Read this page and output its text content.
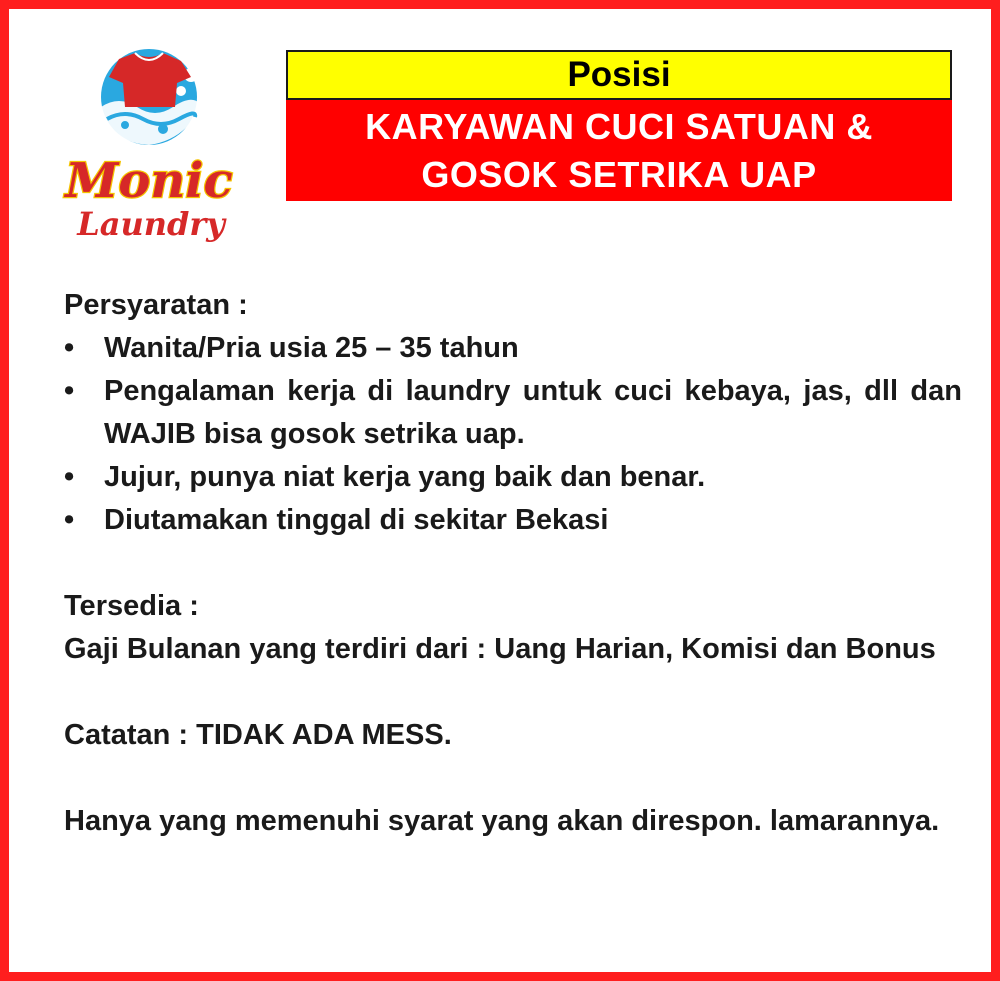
Monic
Laundry
Posisi
KARYAWAN CUCI SATUAN &
GOSOK SETRIKA UAP
Persyaratan :
• Wanita/Pria usia 25 – 35 tahun
• Pengalaman kerja di laundry untuk cuci kebaya, jas, dll dan WAJIB bisa gosok setrika uap.
• Jujur, punya niat kerja yang baik dan benar.
• Diutamakan tinggal di sekitar Bekasi
Tersedia :
Gaji Bulanan yang terdiri dari : Uang Harian, Komisi dan Bonus
Catatan : TIDAK ADA MESS.
Hanya yang memenuhi syarat yang akan direspon. lamarannya.
